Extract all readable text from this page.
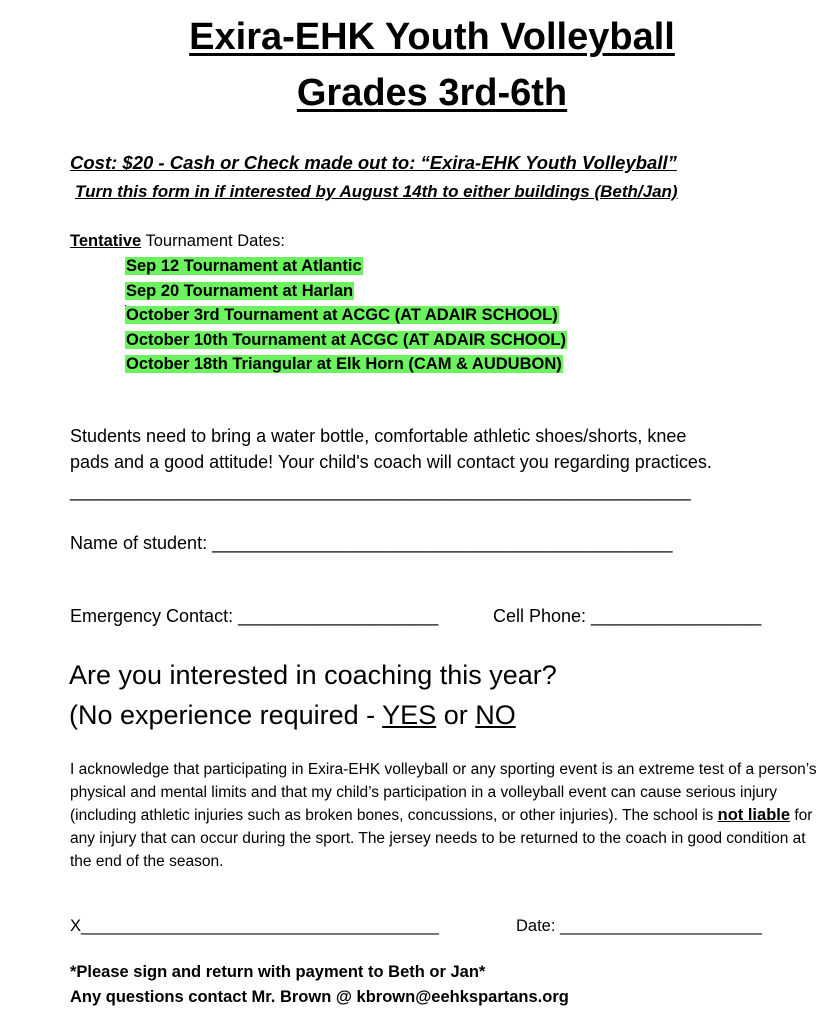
Exira-EHK Youth Volleyball
Grades 3rd-6th
Cost: $20 - Cash or Check made out to: “Exira-EHK Youth Volleyball”
Turn this form in if interested by August 14th to either buildings (Beth/Jan)
Tentative Tournament Dates:
Sep 12 Tournament at Atlantic
Sep 20 Tournament at Harlan
October 3rd Tournament at ACGC (AT ADAIR SCHOOL)
October 10th Tournament at ACGC (AT ADAIR SCHOOL)
October 18th Triangular at Elk Horn (CAM & AUDUBON)
Students need to bring a water bottle, comfortable athletic shoes/shorts, knee
pads and a good attitude! Your child's coach will contact you regarding practices.
______________________________________________________________
Name of student: ______________________________________________
Emergency Contact: ____________________	Cell Phone: _________________
Are you interested in coaching this year?
(No experience required - YES or NO
I acknowledge that participating in Exira-EHK volleyball or any sporting event is an extreme test of a person’s physical and mental limits and that my child’s participation in a volleyball event can cause serious injury (including athletic injuries such as broken bones, concussions, or other injuries). The school is not liable for any injury that can occur during the sport. The jersey needs to be returned to the coach in good condition at the end of the season.
X_______________________________________	Date: ______________________
*Please sign and return with payment to Beth or Jan*
Any questions contact Mr. Brown @ kbrown@eehkspartans.org
